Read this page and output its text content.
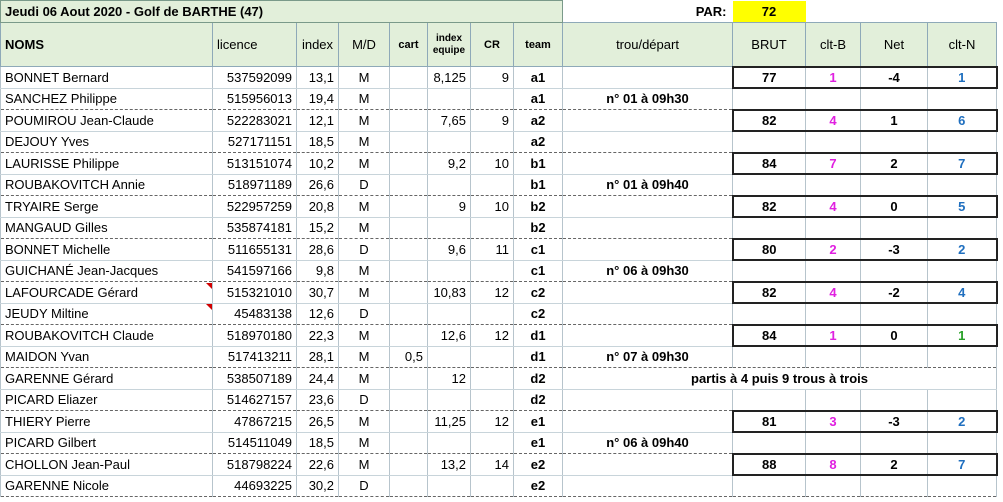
Jeudi 06 Aout 2020 - Golf de BARTHE (47)								PAR:	72			
NOMS	licence	index	M/D	cart	index equipe	CR	team	trou/départ	BRUT	clt-B	Net	clt-N
BONNET Bernard	537592099	13,1	M		8,125	9	a1		77	1	-4	1
SANCHEZ Philippe	515956013	19,4	M				a1	n° 01 à 09h30				
POUMIROU Jean-Claude	522283021	12,1	M		7,65	9	a2		82	4	1	6
DEJOUY Yves	527171151	18,5	M				a2					
LAURISSE Philippe	513151074	10,2	M		9,2	10	b1		84	7	2	7
ROUBAKOVITCH Annie	518971189	26,6	D				b1	n° 01 à 09h40				
TRYAIRE Serge	522957259	20,8	M		9	10	b2		82	4	0	5
MANGAUD Gilles	535874181	15,2	M				b2					
BONNET Michelle	511655131	28,6	D		9,6	11	c1		80	2	-3	2
GUICHANÉ Jean-Jacques	541597166	9,8	M				c1	n° 06 à 09h30				
LAFOURCADE Gérard	515321010	30,7	M		10,83	12	c2		82	4	-2	4
JEUDY Miltine	45483138	12,6	D				c2					
ROUBAKOVITCH Claude	518970180	22,3	M		12,6	12	d1		84	1	0	1
MAIDON Yvan	517413211	28,1	M	0,5			d1	n° 07 à 09h30				
GARENNE Gérard	538507189	24,4	M		12		d2	partis à 4 puis 9 trous à trois				
PICARD Eliazer	514627157	23,6	D				d2					
THIERY Pierre	47867215	26,5	M		11,25	12	e1		81	3	-3	2
PICARD Gilbert	514511049	18,5	M				e1	n° 06 à 09h40				
CHOLLON Jean-Paul	518798224	22,6	M		13,2	14	e2		88	8	2	7
GARENNE Nicole	44693225	30,2	D				e2					
